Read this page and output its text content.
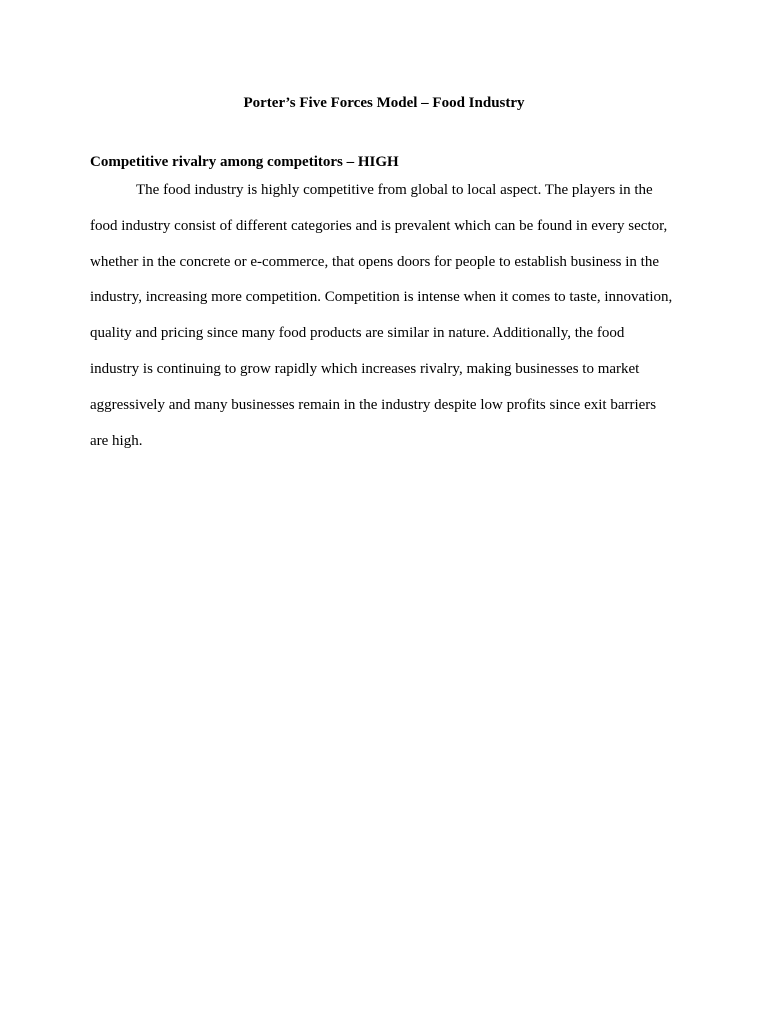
Porter’s Five Forces Model – Food Industry
Competitive rivalry among competitors – HIGH

The food industry is highly competitive from global to local aspect. The players in the

food industry consist of different categories and is prevalent which can be found in every sector,

whether in the concrete or e-commerce, that opens doors for people to establish business in the

industry, increasing more competition. Competition is intense when it comes to taste, innovation,

quality and pricing since many food products are similar in nature. Additionally, the food

industry is continuing to grow rapidly which increases rivalry, making businesses to market

aggressively and many businesses remain in the industry despite low profits since exit barriers

are high.
